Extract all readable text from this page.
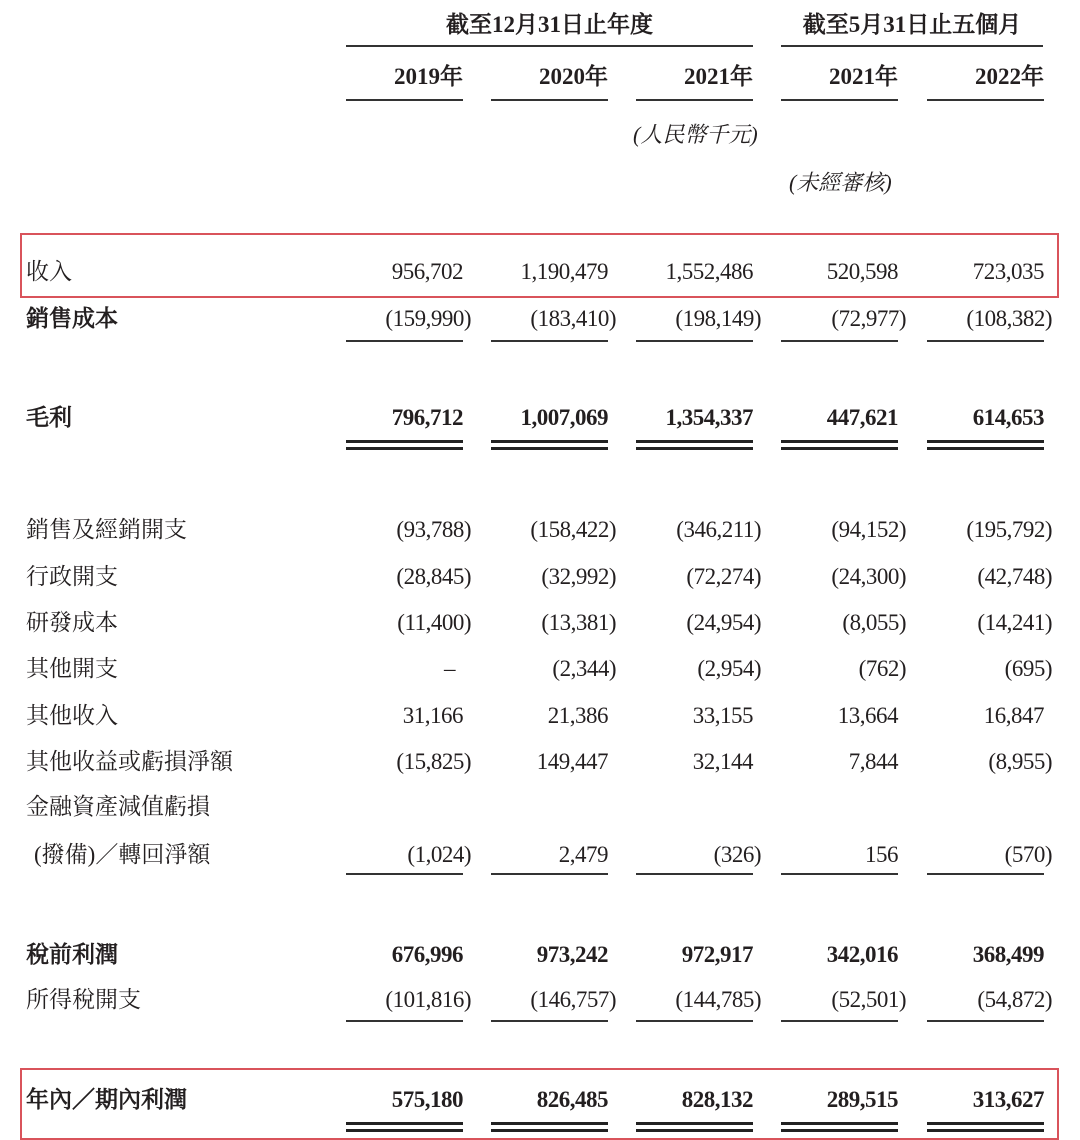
截至12月31日止年度	截至5月31日止五個月
2019年	2020年	2021年	2021年	2022年
(人民幣千元)
(未經審核)
收入	956,702	1,190,479	1,552,486	520,598	723,035
銷售成本	(159,990)	(183,410)	(198,149)	(72,977)	(108,382)
毛利	796,712	1,007,069	1,354,337	447,621	614,653
銷售及經銷開支	(93,788)	(158,422)	(346,211)	(94,152)	(195,792)
行政開支	(28,845)	(32,992)	(72,274)	(24,300)	(42,748)
研發成本	(11,400)	(13,381)	(24,954)	(8,055)	(14,241)
其他開支	–	(2,344)	(2,954)	(762)	(695)
其他收入	31,166	21,386	33,155	13,664	16,847
其他收益或虧損淨額	(15,825)	149,447	32,144	7,844	(8,955)
金融資產減值虧損
(撥備)／轉回淨額	(1,024)	2,479	(326)	156	(570)
稅前利潤	676,996	973,242	972,917	342,016	368,499
所得稅開支	(101,816)	(146,757)	(144,785)	(52,501)	(54,872)
年內／期內利潤	575,180	826,485	828,132	289,515	313,627
